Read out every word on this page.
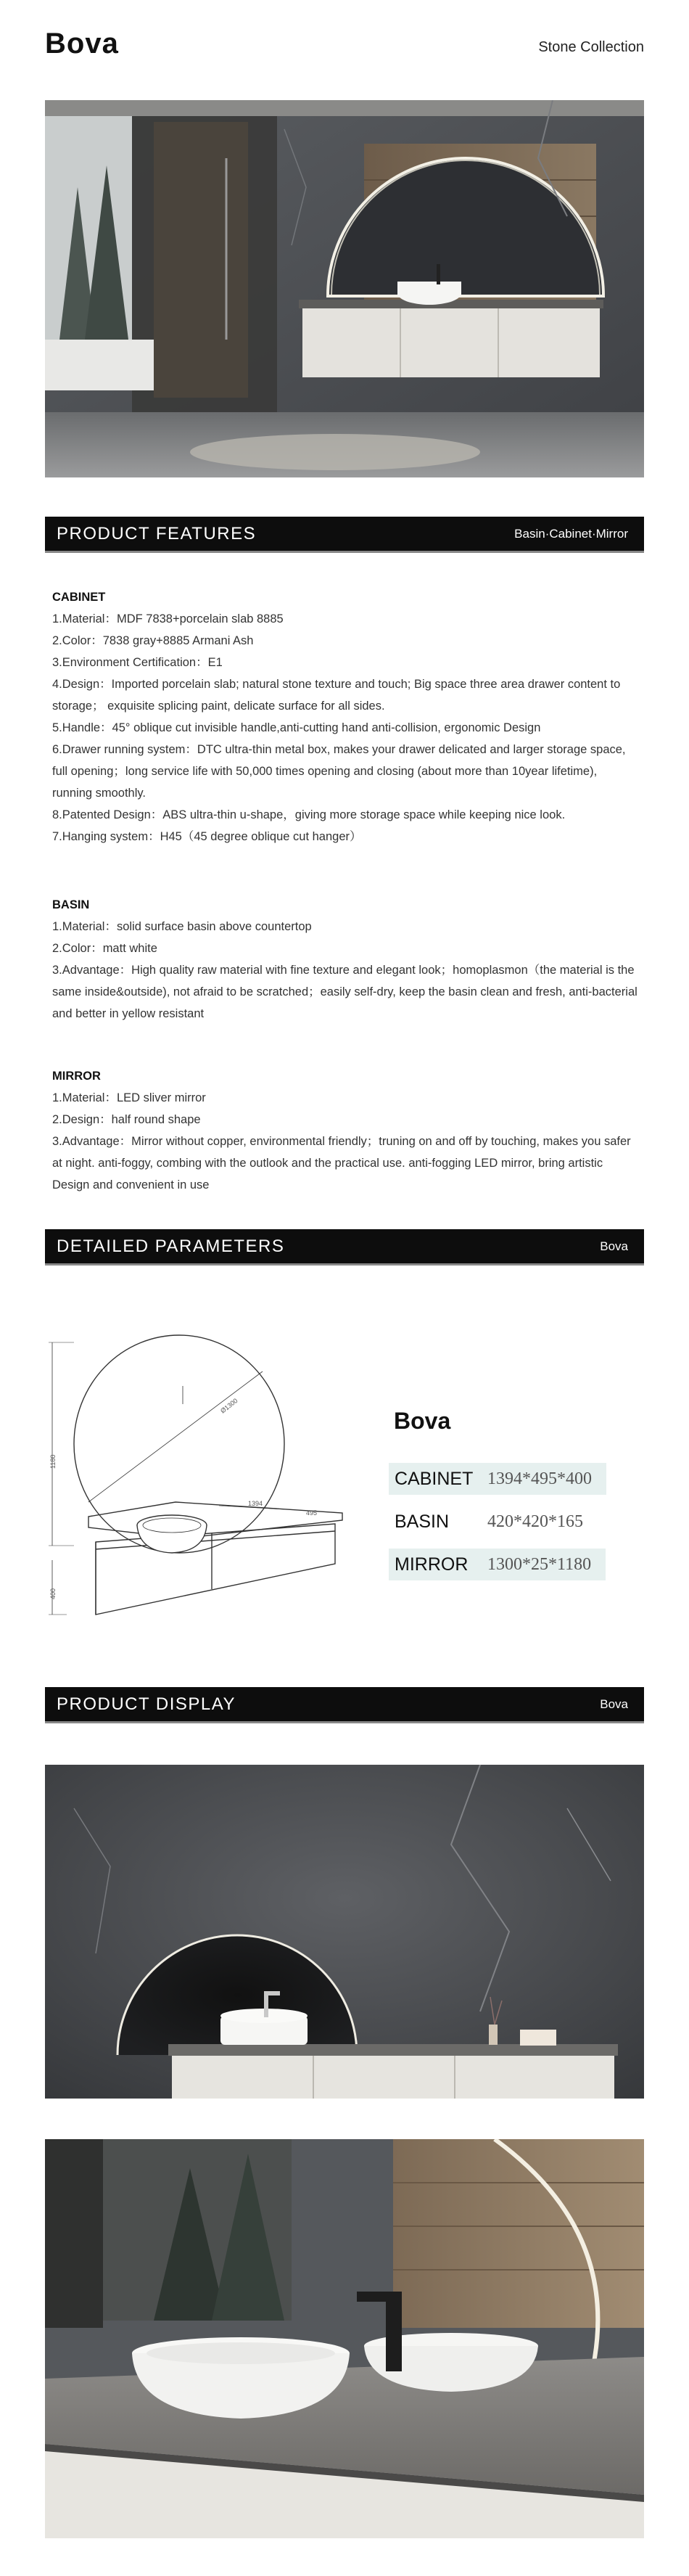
Bova	Stone Collection
PRODUCT FEATURES	Basin·Cabinet·Mirror

CABINET

1.Material：MDF 7838+porcelain slab 8885

2.Color：7838 gray+8885 Armani Ash

3.Environment Certification：E1

4.Design：Imported porcelain slab; natural stone texture and touch; Big space three area drawer content to storage； exquisite splicing paint, delicate surface for all sides.

5.Handle：45° oblique cut invisible handle,anti-cutting hand anti-collision, ergonomic Design

6.Drawer running system：DTC ultra-thin metal box, makes your drawer delicated and larger storage space, full opening；long service life with 50,000 times opening and closing (about more than 10year lifetime), running smoothly.

8.Patented Design：ABS ultra-thin u-shape，giving more storage space while keeping nice look.

7.Hanging system：H45（45 degree oblique cut hanger）

BASIN

1.Material：solid surface basin above countertop

2.Color：matt white

3.Advantage：High quality raw material with fine texture and elegant look；homoplasmon（the material is the same inside&outside), not afraid to be scratched；easily self-dry, keep the basin clean and fresh, anti-bacterial and better in yellow resistant

MIRROR

1.Material：LED sliver mirror

2.Design：half round shape

3.Advantage：Mirror without copper, environmental friendly；truning on and off by touching, makes you safer at night. anti-foggy, combing with the outlook and the practical use. anti-fogging LED mirror, bring artistic Design and convenient in use

DETAILED PARAMETERS	Bova
Ø1300
1180
1394
495
400
Bova
CABINET 1394*495*400
BASIN	420*420*165
MIRROR	1300*25*1180
PRODUCT DISPLAY	Bova
